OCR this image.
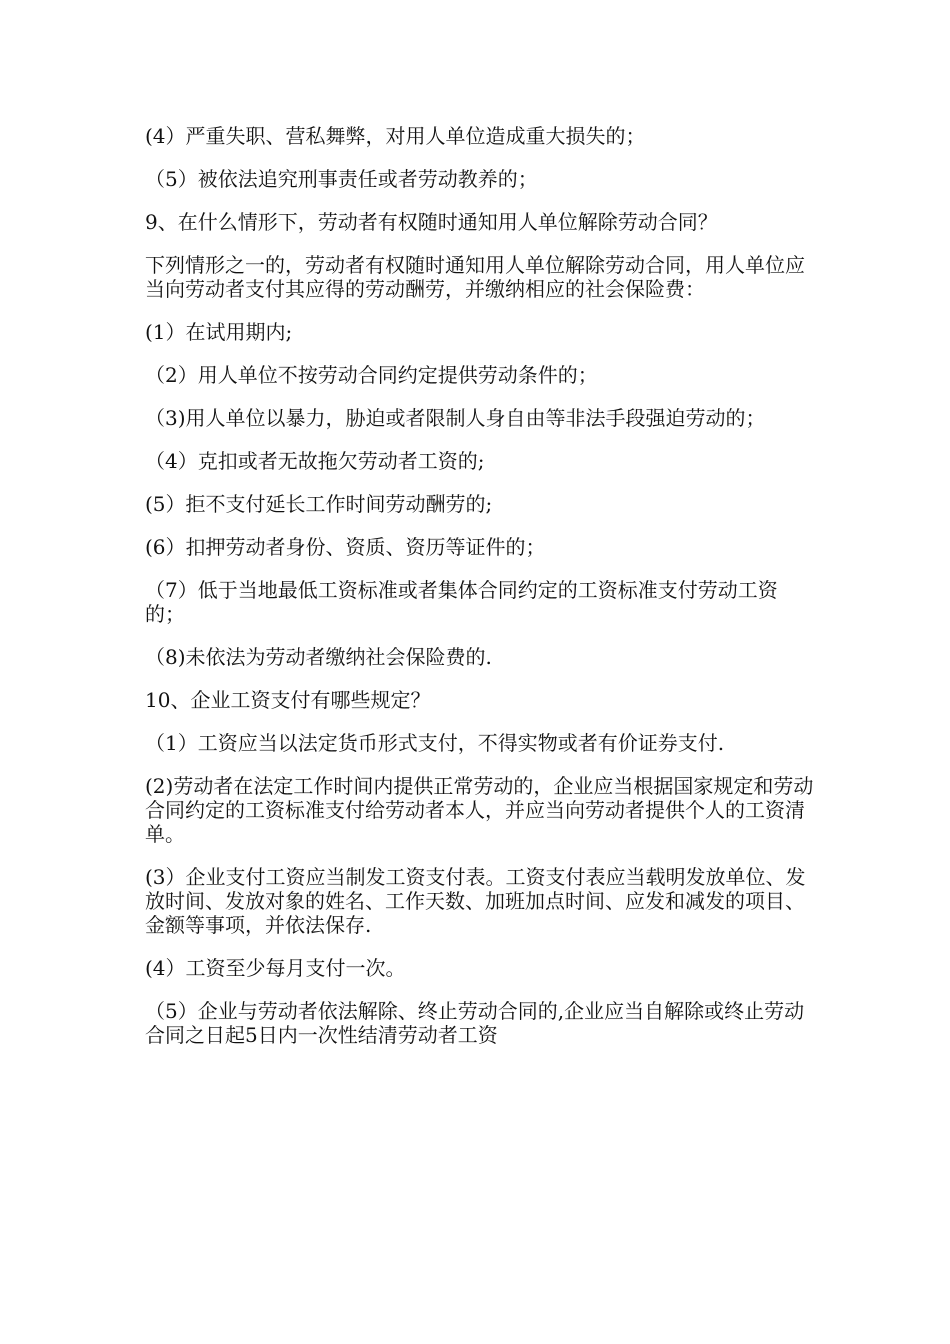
(4）严重失职、营私舞弊，对用人单位造成重大损失的；

（5）被依法追究刑事责任或者劳动教养的；

9、在什么情形下，劳动者有权随时通知用人单位解除劳动合同？

下列情形之一的，劳动者有权随时通知用人单位解除劳动合同，用人单位应当向劳动者支付其应得的劳动酬劳，并缴纳相应的社会保险费：

(1）在试用期内;

（2）用人单位不按劳动合同约定提供劳动条件的；

（3)用人单位以暴力，胁迫或者限制人身自由等非法手段强迫劳动的；

（4）克扣或者无故拖欠劳动者工资的;

(5）拒不支付延长工作时间劳动酬劳的;

(6）扣押劳动者身份、资质、资历等证件的；

（7）低于当地最低工资标准或者集体合同约定的工资标准支付劳动工资的；

（8)未依法为劳动者缴纳社会保险费的.

10、企业工资支付有哪些规定？

（1）工资应当以法定货币形式支付，不得实物或者有价证券支付.

(2)劳动者在法定工作时间内提供正常劳动的，企业应当根据国家规定和劳动合同约定的工资标准支付给劳动者本人，并应当向劳动者提供个人的工资清单。

(3）企业支付工资应当制发工资支付表。工资支付表应当载明发放单位、发放时间、发放对象的姓名、工作天数、加班加点时间、应发和减发的项目、金额等事项，并依法保存.

(4）工资至少每月支付一次。

（5）企业与劳动者依法解除、终止劳动合同的,企业应当自解除或终止劳动合同之日起5日内一次性结清劳动者工资
